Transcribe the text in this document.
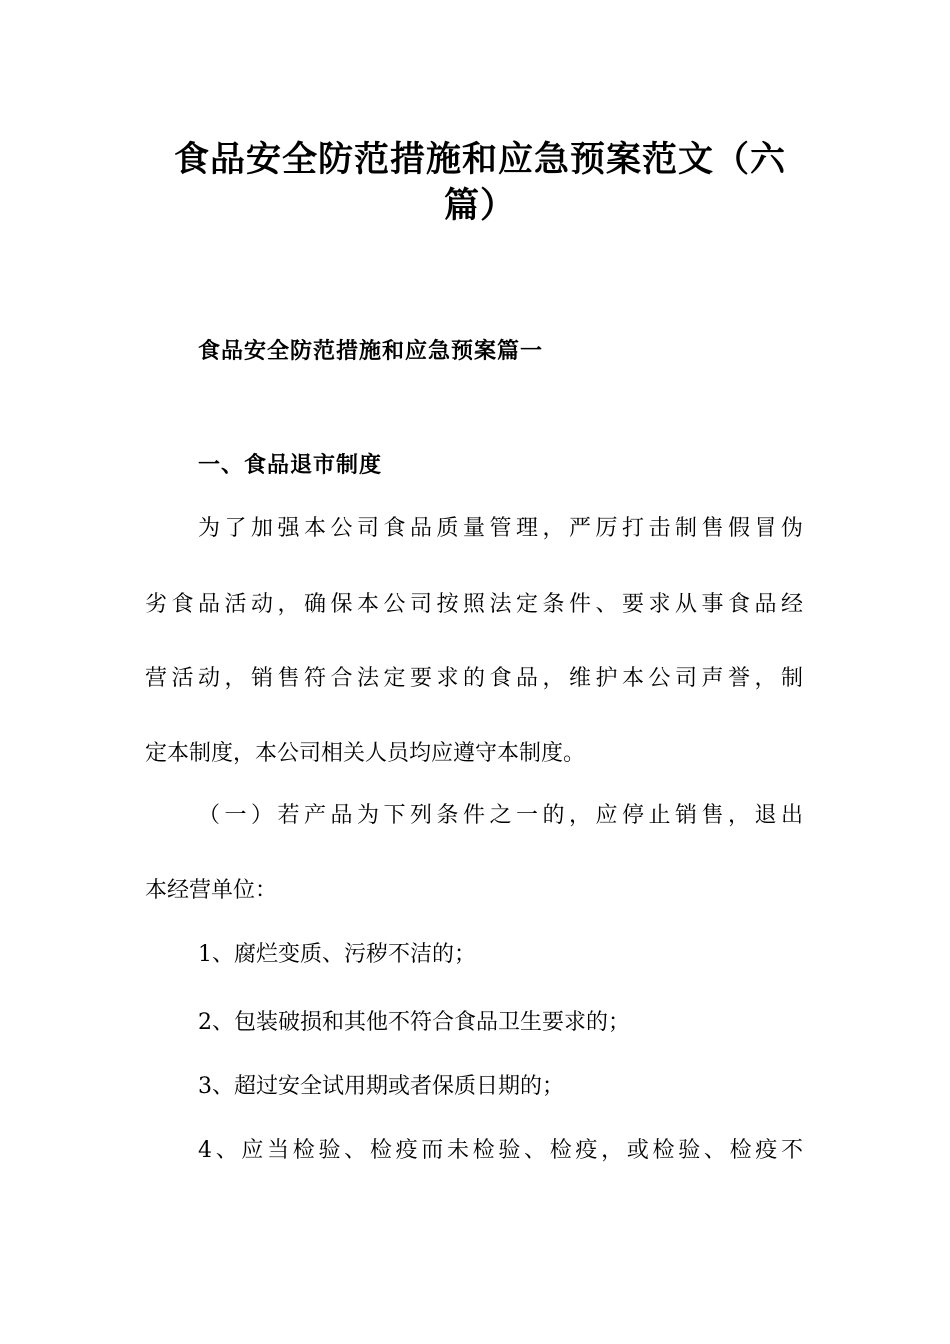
食品安全防范措施和应急预案范文（六
篇）
食品安全防范措施和应急预案篇一
一、食品退市制度
为了加强本公司食品质量管理，严厉打击制售假冒伪
劣食品活动，确保本公司按照法定条件、要求从事食品经
营活动，销售符合法定要求的食品，维护本公司声誉，制
定本制度，本公司相关人员均应遵守本制度。
（一）若产品为下列条件之一的，应停止销售，退出
本经营单位：
1、腐烂变质、污秽不洁的；
2、包装破损和其他不符合食品卫生要求的；
3、超过安全试用期或者保质日期的；
4、应当检验、检疫而未检验、检疫，或检验、检疫不
